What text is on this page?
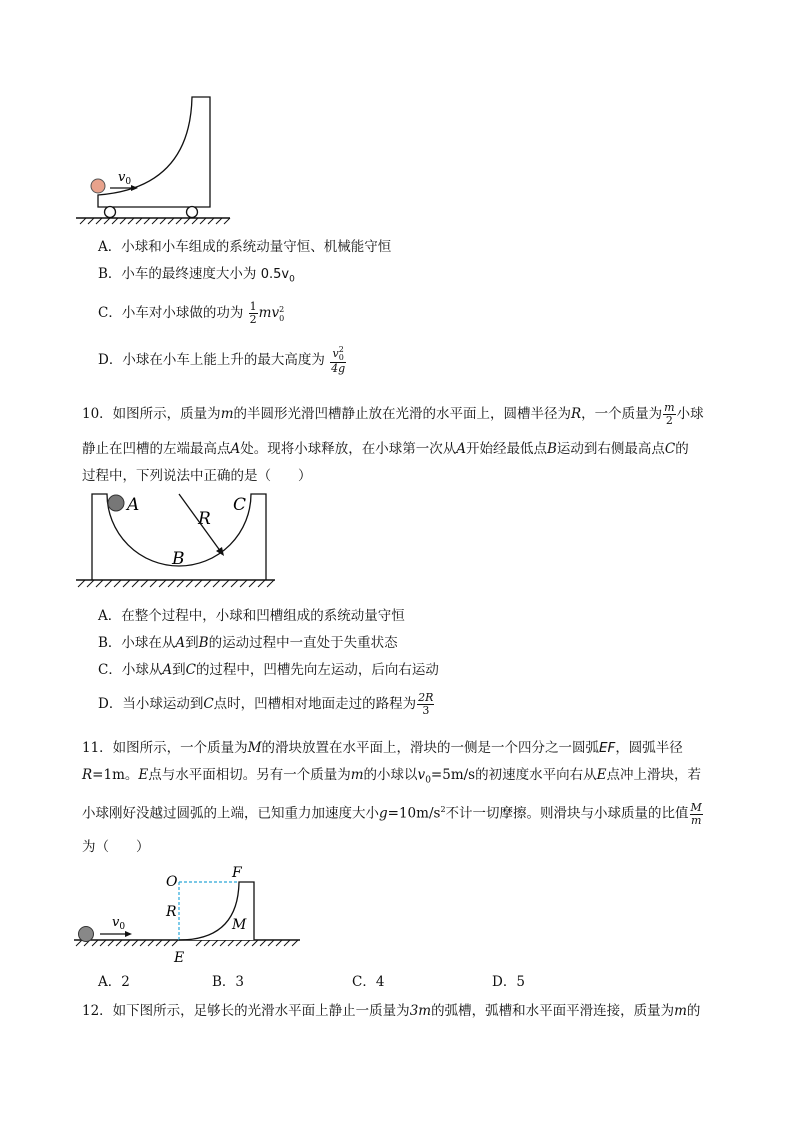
$v_0$
A．小球和小车组成的系统动量守恒、机械能守恒
B．小车的最终速度大小为 $0.5v_0$
C．小车对小球做的功为 $\frac{1}{2}$ mv 2
0
D．小球在小车上能上升的最大高度为 v 2
0
4g
10．如图所示，质量为m的半圆形光滑凹槽静止放在光滑的水平面上，圆槽半径为R，一个质量为 $\frac{m}{2}$ 小球
静止在凹槽的左端最高点A处。现将小球释放，在小球第一次从A开始经最低点B运动到右侧最高点C的
过程中，下列说法中正确的是（　　）
A	C
R
B
A．在整个过程中，小球和凹槽组成的系统动量守恒
B．小球在从A到B的运动过程中一直处于失重状态
C．小球从A到C的过程中，凹槽先向左运动，后向右运动
D．当小球运动到C点时，凹槽相对地面走过的路程为 $\frac{2R}{3}$
11．如图所示，一个质量为M的滑块放置在水平面上，滑块的一侧是一个四分之一圆弧EF，圆弧半径
R=1m。E点与水平面相切。另有一个质量为m的小球以$v_0=5m/s$的初速度水平向右从E点冲上滑块，若
小球刚好没越过圆弧的上端，已知重力加速度大小$g=10m/s^2$不计一切摩擦。则滑块与小球质量的比值 $\frac{M}{m}$
为（　　）
$v_0$
O
F
R
M
E
A．2	B．3	C．4	D．5
12．如下图所示，足够长的光滑水平面上静止一质量为3m的弧槽，弧槽和水平面平滑连接，质量为m的
